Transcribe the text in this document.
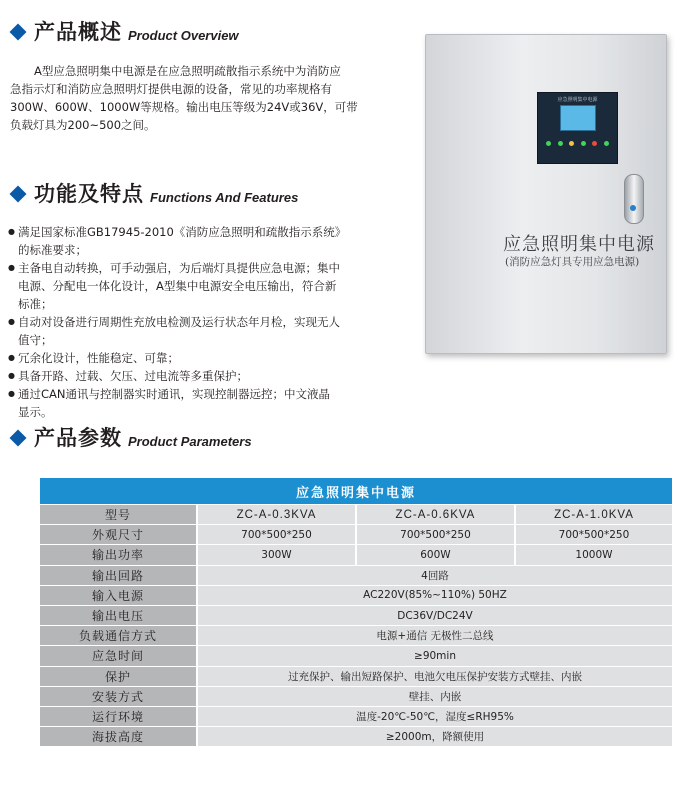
产品概述 Product Overview
A型应急照明集中电源是在应急照明疏散指示系统中为消防应
急指示灯和消防应急照明灯提供电源的设备，常见的功率规格有
300W、600W、1000W等规格。输出电压等级为24V或36V，可带
负载灯具为200~500之间。
功能及特点 Functions And Features
● 满足国家标准GB17945-2010《消防应急照明和疏散指示系统》
的标准要求；
● 主备电自动转换，可手动强启，为后端灯具提供应急电源；集中
电源、分配电一体化设计，A型集中电源安全电压输出，符合新
标准；
● 自动对设备进行周期性充放电检测及运行状态年月检，实现无人
值守；
● 冗余化设计，性能稳定、可靠；
● 具备开路、过载、欠压、过电流等多重保护；
● 通过CAN通讯与控制器实时通讯，实现控制器远控；中文液晶
显示。
应急照明集中电源
应急照明集中电源
(消防应急灯具专用应急电源)
产品参数 Product Parameters
应急照明集中电源			
型号	ZC-A-0.3KVA	ZC-A-0.6KVA	ZC-A-1.0KVA
外观尺寸	700*500*250	700*500*250	700*500*250
输出功率	300W	600W	1000W
输出回路	4回路		
输入电源	AC220V(85%~110%) 50HZ		
输出电压	DC36V/DC24V		
负载通信方式	电源+通信 无极性二总线		
应急时间	≥90min		
保护	过充保护、输出短路保护、电池欠电压保护安装方式壁挂、内嵌		
安装方式	壁挂、内嵌		
运行环境	温度-20℃-50℃，湿度≤RH95%		
海拔高度	≥2000m，降额使用		
